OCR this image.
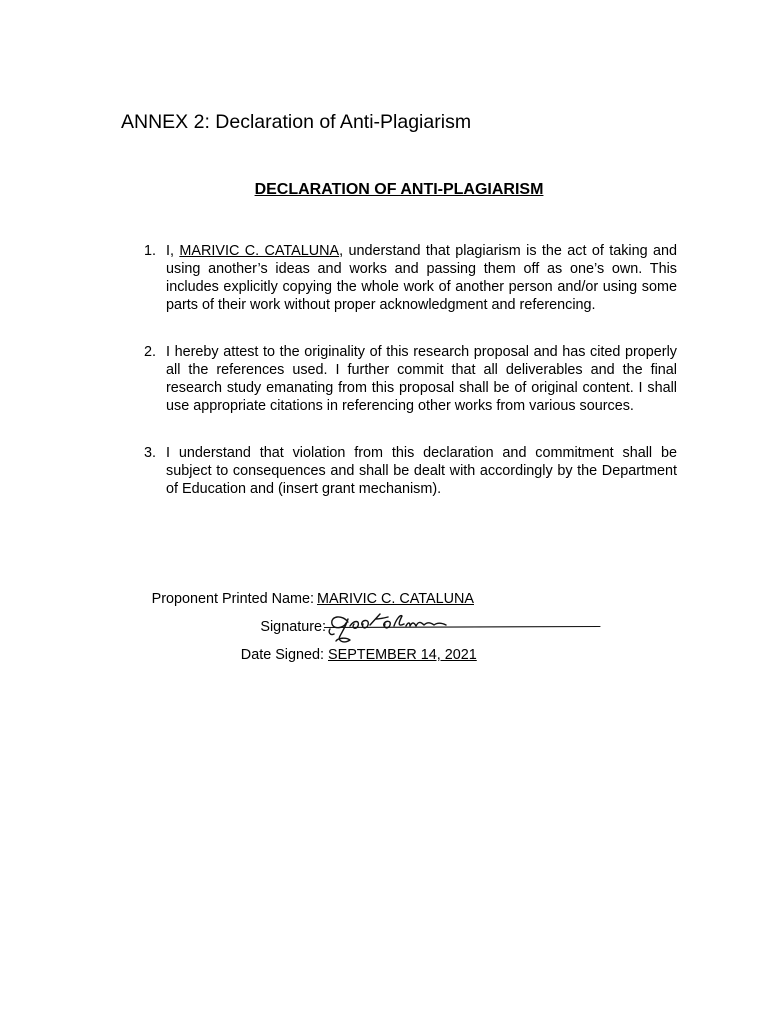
ANNEX 2: Declaration of Anti-Plagiarism
DECLARATION OF ANTI-PLAGIARISM
1. I, MARIVIC C. CATALUNA, understand that plagiarism is the act of taking and using another’s ideas and works and passing them off as one’s own. This includes explicitly copying the whole work of another person and/or using some parts of their work without proper acknowledgment and referencing.
2. I hereby attest to the originality of this research proposal and has cited properly all the references used. I further commit that all deliverables and the final research study emanating from this proposal shall be of original content. I shall use appropriate citations in referencing other works from various sources.
3. I understand that violation from this declaration and commitment shall be subject to consequences and shall be dealt with accordingly by the Department of Education and (insert grant mechanism).
Proponent Printed Name: MARIVIC C. CATALUNA
Signature:
Date Signed: SEPTEMBER 14, 2021
